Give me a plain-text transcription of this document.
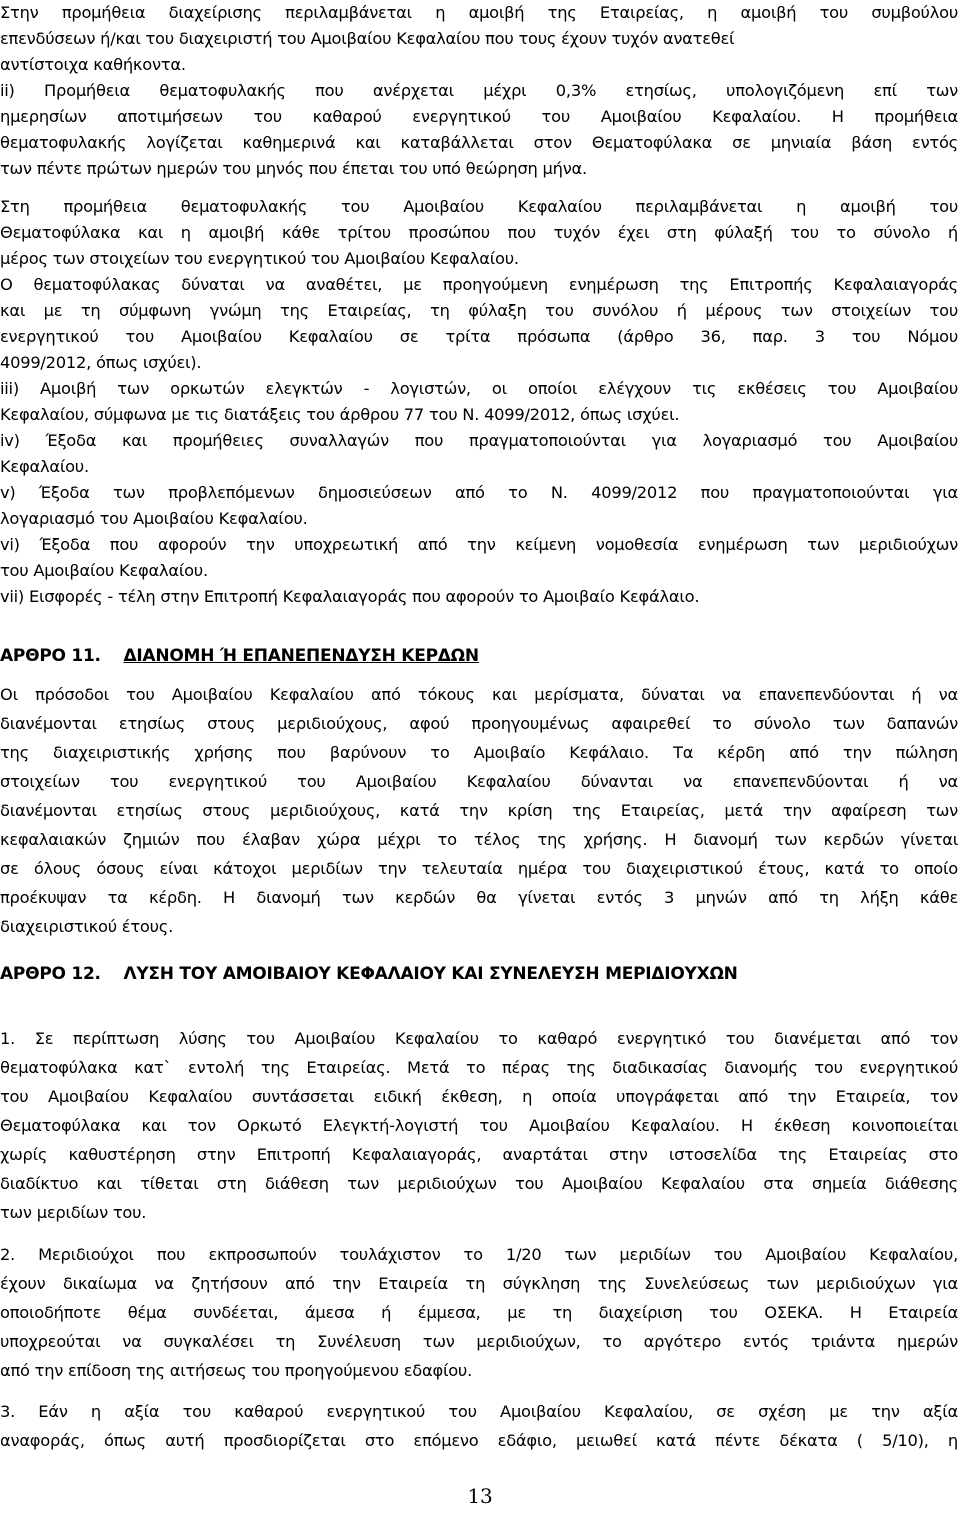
Στην προμήθεια διαχείρισης περιλαμβάνεται η αμοιβή της Εταιρείας, η αμοιβή του συμβούλου
επενδύσεων ή/και του διαχειριστή του Αμοιβαίου Κεφαλαίου που τους έχουν τυχόν ανατεθεί
αντίστοιχα καθήκοντα.
ii) Προμήθεια θεματοφυλακής που ανέρχεται μέχρι 0,3% ετησίως, υπολογιζόμενη επί των
ημερησίων αποτιμήσεων του καθαρού ενεργητικού του Αμοιβαίου Κεφαλαίου. Η προμήθεια
θεματοφυλακής λογίζεται καθημερινά και καταβάλλεται στον Θεματοφύλακα σε μηνιαία βάση εντός
των πέντε πρώτων ημερών του μηνός που έπεται του υπό θεώρηση μήνα.
Στη προμήθεια θεματοφυλακής του Αμοιβαίου Κεφαλαίου περιλαμβάνεται η αμοιβή του
Θεματοφύλακα και η αμοιβή κάθε τρίτου προσώπου που τυχόν έχει στη φύλαξή του το σύνολο ή
μέρος των στοιχείων του ενεργητικού του Αμοιβαίου Κεφαλαίου.
Ο θεματοφύλακας δύναται να αναθέτει, με προηγούμενη ενημέρωση της Επιτροπής Κεφαλαιαγοράς
και με τη σύμφωνη γνώμη της Εταιρείας, τη φύλαξη του συνόλου ή μέρους των στοιχείων του
ενεργητικού του Αμοιβαίου Κεφαλαίου σε τρίτα πρόσωπα (άρθρο 36, παρ. 3 του Νόμου
4099/2012, όπως ισχύει).
iii) Αμοιβή των ορκωτών ελεγκτών - λογιστών, οι οποίοι ελέγχουν τις εκθέσεις του Αμοιβαίου
Κεφαλαίου, σύμφωνα με τις διατάξεις του άρθρου 77 του Ν. 4099/2012, όπως ισχύει.
iv) Έξοδα και προμήθειες συναλλαγών που πραγματοποιούνται για λογαριασμό του Αμοιβαίου
Κεφαλαίου.
v) Έξοδα των προβλεπόμενων δημοσιεύσεων από το Ν. 4099/2012 που πραγματοποιούνται για
λογαριασμό του Αμοιβαίου Κεφαλαίου.
vi) Έξοδα που αφορούν την υποχρεωτική από την κείμενη νομοθεσία ενημέρωση των μεριδιούχων
του Αμοιβαίου Κεφαλαίου.
vii) Εισφορές - τέλη στην Επιτροπή Κεφαλαιαγοράς που αφορούν το Αμοιβαίο Κεφάλαιο.
ΑΡΘΡΟ 11. ΔΙΑΝΟΜΗ Ή ΕΠΑΝΕΠΕΝΔΥΣΗ ΚΕΡΔΩΝ
Οι πρόσοδοι του Αμοιβαίου Κεφαλαίου από τόκους και μερίσματα, δύναται να επανεπενδύονται ή να
διανέμονται ετησίως στους μεριδιούχους, αφού προηγουμένως αφαιρεθεί το σύνολο των δαπανών
της διαχειριστικής χρήσης που βαρύνουν το Αμοιβαίο Κεφάλαιο. Τα κέρδη από την πώληση
στοιχείων του ενεργητικού του Αμοιβαίου Κεφαλαίου δύνανται να επανεπενδύονται ή να
διανέμονται ετησίως στους μεριδιούχους, κατά την κρίση της Εταιρείας, μετά την αφαίρεση των
κεφαλαιακών ζημιών που έλαβαν χώρα μέχρι το τέλος της χρήσης. Η διανομή των κερδών γίνεται
σε όλους όσους είναι κάτοχοι μεριδίων την τελευταία ημέρα του διαχειριστικού έτους, κατά το οποίο
προέκυψαν τα κέρδη. Η διανομή των κερδών θα γίνεται εντός 3 μηνών από τη λήξη κάθε
διαχειριστικού έτους.
ΑΡΘΡΟ 12. ΛΥΣΗ ΤΟΥ ΑΜΟΙΒΑΙΟΥ ΚΕΦΑΛΑΙΟΥ ΚΑΙ ΣΥΝΕΛΕΥΣΗ ΜΕΡΙΔΙΟΥΧΩΝ
1. Σε περίπτωση λύσης του Αμοιβαίου Κεφαλαίου το καθαρό ενεργητικό του διανέμεται από τον
θεματοφύλακα κατ` εντολή της Εταιρείας. Μετά το πέρας της διαδικασίας διανομής του ενεργητικού
του Αμοιβαίου Κεφαλαίου συντάσσεται ειδική έκθεση, η οποία υπογράφεται από την Εταιρεία, τον
Θεματοφύλακα και τον Ορκωτό Ελεγκτή-λογιστή του Αμοιβαίου Κεφαλαίου. Η έκθεση κοινοποιείται
χωρίς καθυστέρηση στην Επιτροπή Κεφαλαιαγοράς, αναρτάται στην ιστοσελίδα της Εταιρείας στο
διαδίκτυο και τίθεται στη διάθεση των μεριδιούχων του Αμοιβαίου Κεφαλαίου στα σημεία διάθεσης
των μεριδίων του.
2. Μεριδιούχοι που εκπροσωπούν τουλάχιστον το 1/20 των μεριδίων του Αμοιβαίου Κεφαλαίου,
έχουν δικαίωμα να ζητήσουν από την Εταιρεία τη σύγκληση της Συνελεύσεως των μεριδιούχων για
οποιοδήποτε θέμα συνδέεται, άμεσα ή έμμεσα, με τη διαχείριση του ΟΣΕΚΑ. Η Εταιρεία
υποχρεούται να συγκαλέσει τη Συνέλευση των μεριδιούχων, το αργότερο εντός τριάντα ημερών
από την επίδοση της αιτήσεως του προηγούμενου εδαφίου.
3. Εάν η αξία του καθαρού ενεργητικού του Αμοιβαίου Κεφαλαίου, σε σχέση με την αξία
αναφοράς, όπως αυτή προσδιορίζεται στο επόμενο εδάφιο, μειωθεί κατά πέντε δέκατα ( 5/10), η
13
